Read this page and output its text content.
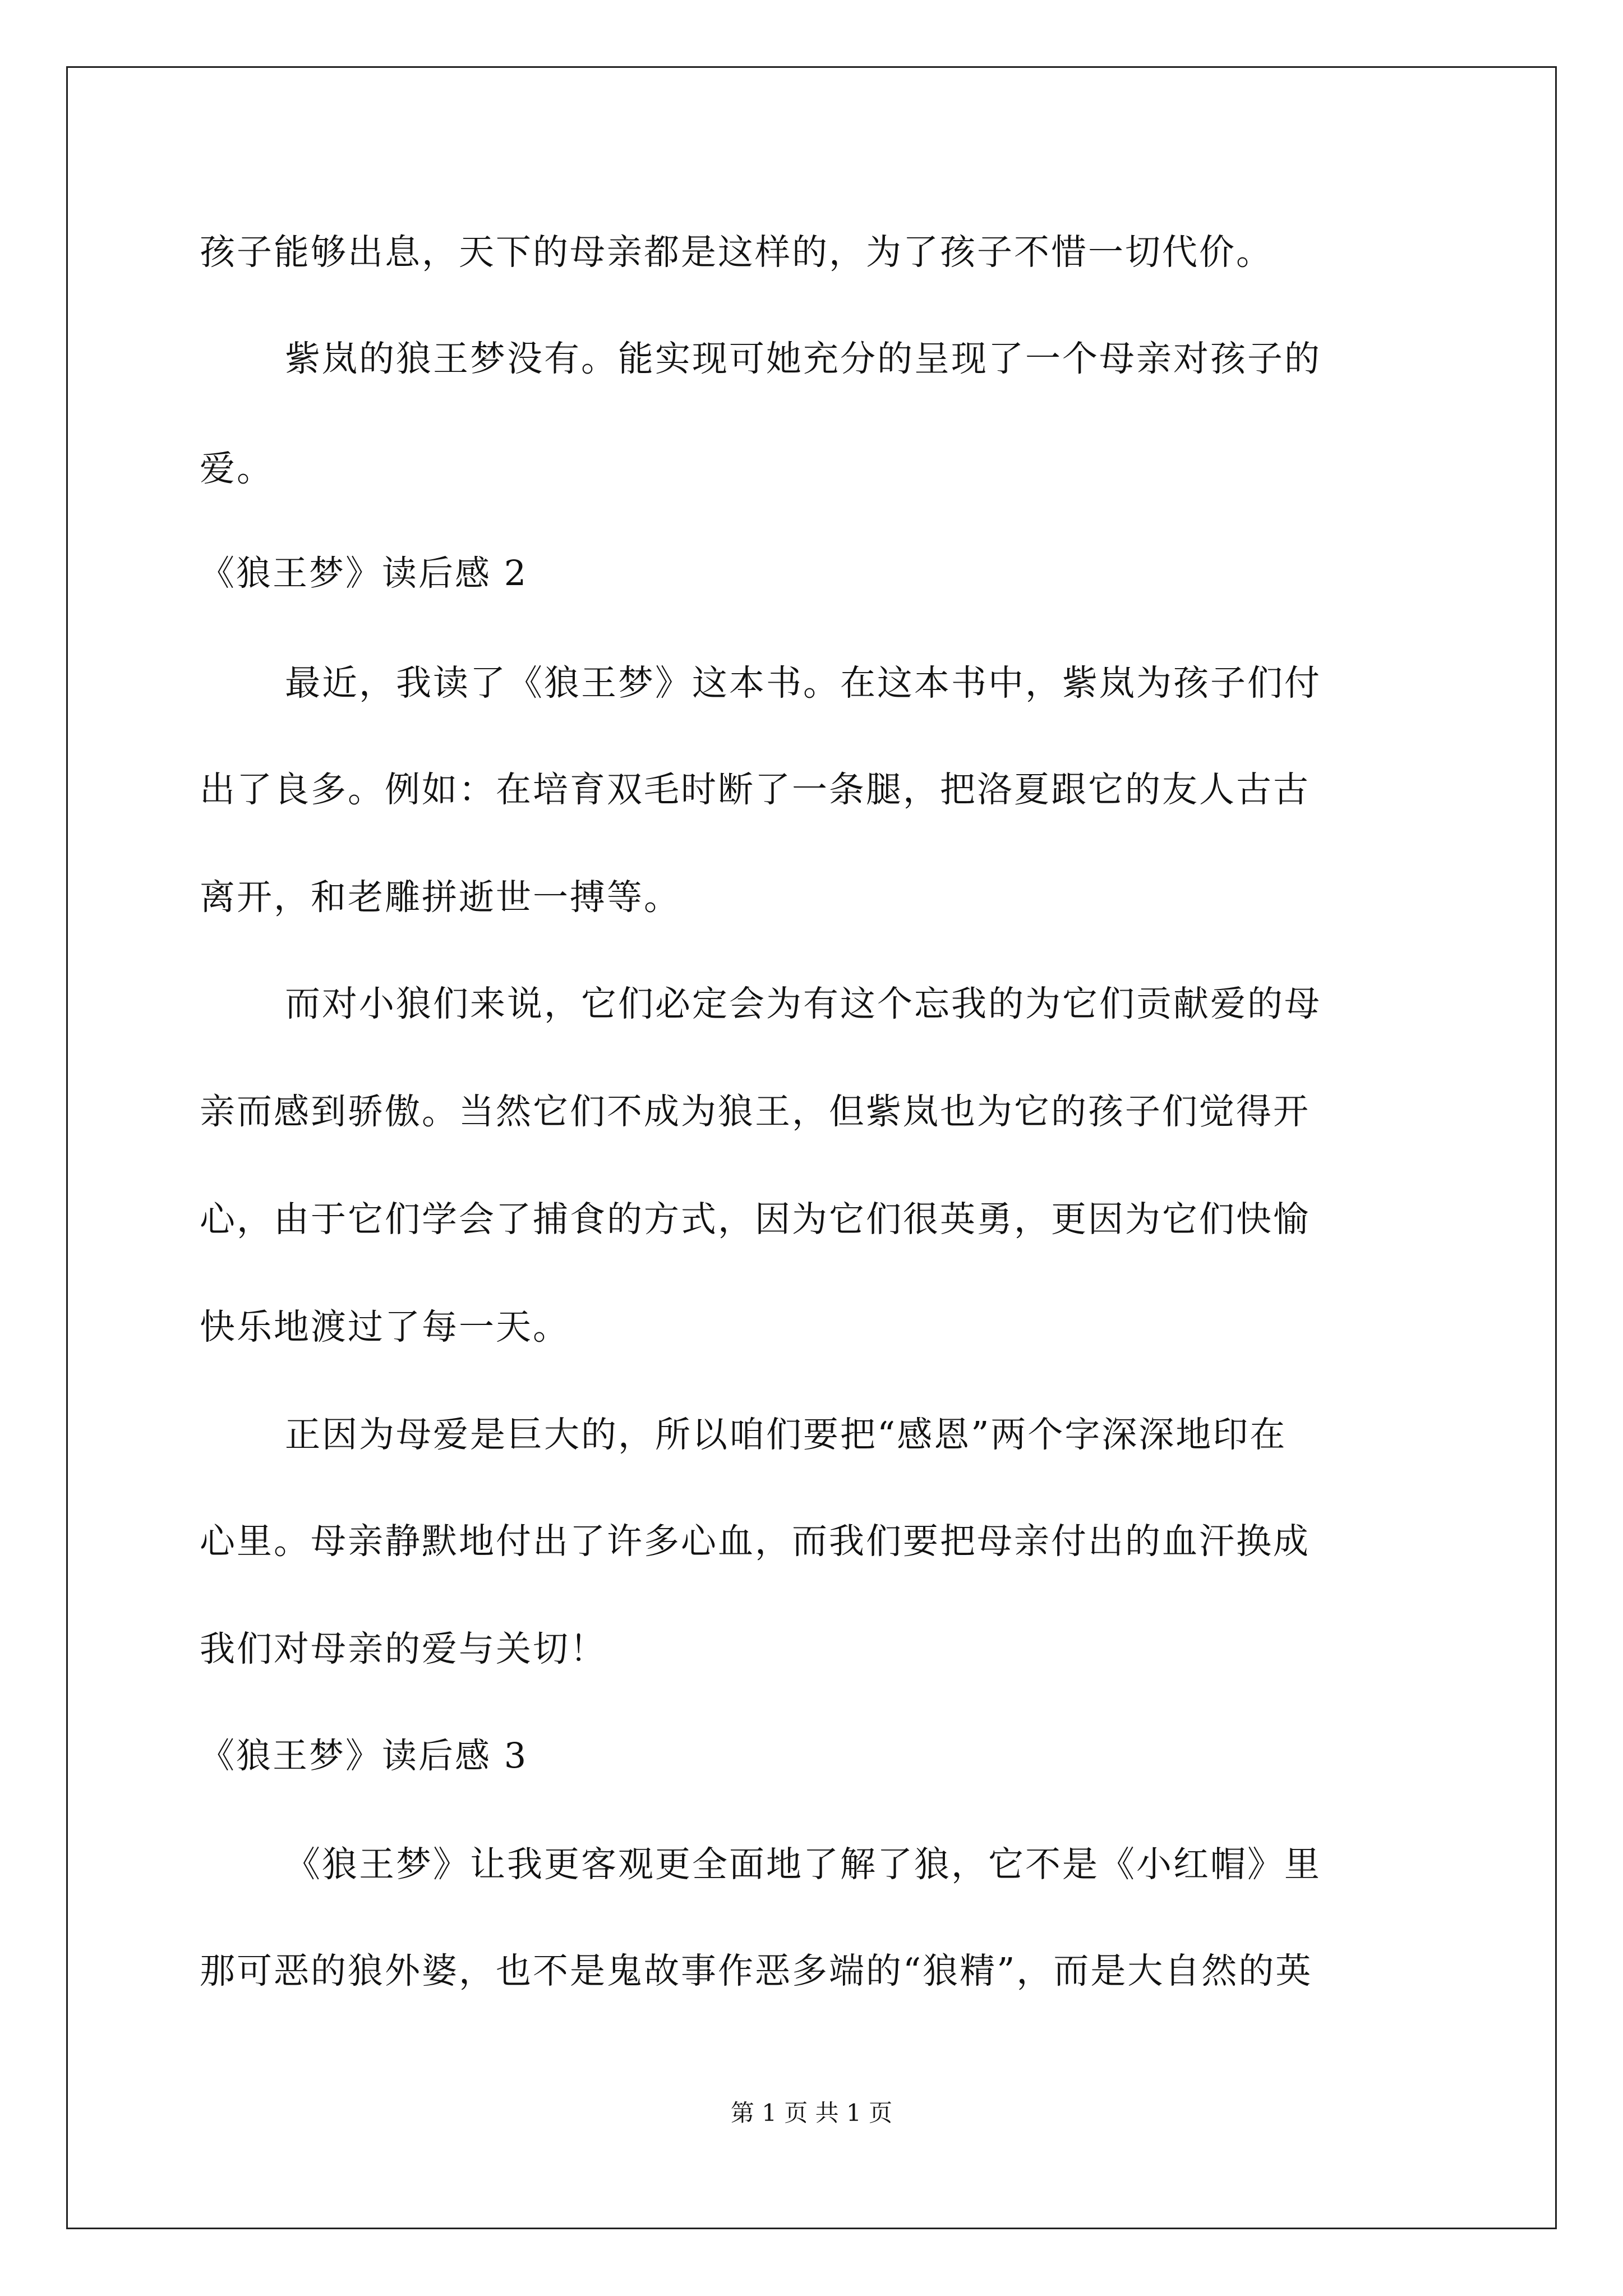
孩子能够出息，天下的母亲都是这样的，为了孩子不惜一切代价。
紫岚的狼王梦没有。能实现可她充分的呈现了一个母亲对孩子的
爱。
《狼王梦》读后感 2
最近，我读了《狼王梦》这本书。在这本书中，紫岚为孩子们付
出了良多。例如：在培育双毛时断了一条腿，把洛夏跟它的友人古古
离开，和老雕拼逝世一搏等。
而对小狼们来说，它们必定会为有这个忘我的为它们贡献爱的母
亲而感到骄傲。当然它们不成为狼王，但紫岚也为它的孩子们觉得开
心，由于它们学会了捕食的方式，因为它们很英勇，更因为它们快愉
快乐地渡过了每一天。
正因为母爱是巨大的，所以咱们要把“感恩”两个字深深地印在
心里。母亲静默地付出了许多心血，而我们要把母亲付出的血汗换成
我们对母亲的爱与关切！
《狼王梦》读后感 3
《狼王梦》让我更客观更全面地了解了狼，它不是《小红帽》里
那可恶的狼外婆，也不是鬼故事作恶多端的“狼精”，而是大自然的英
第 1 页 共 1 页
